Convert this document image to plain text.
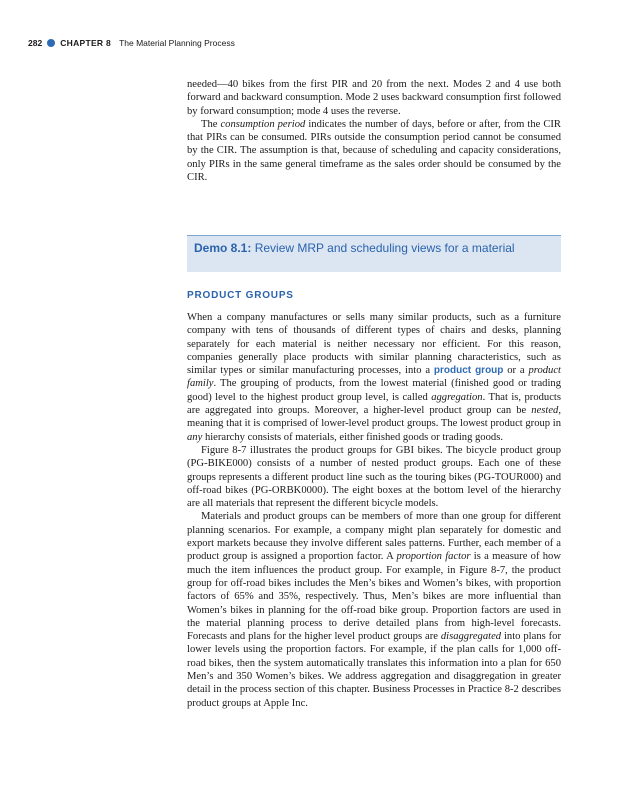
282 CHAPTER 8 The Material Planning Process

needed—40 bikes from the first PIR and 20 from the next. Modes 2 and 4 use both forward and backward consumption. Mode 2 uses backward consumption first followed by forward consumption; mode 4 uses the reverse.

The consumption period indicates the number of days, before or after, from the CIR that PIRs can be consumed. PIRs outside the consumption period cannot be consumed by the CIR. The assumption is that, because of scheduling and capacity considerations, only PIRs in the same general timeframe as the sales order should be consumed by the CIR.

Demo 8.1: Review MRP and scheduling views for a material
PRODUCT GROUPS

When a company manufactures or sells many similar products, such as a furniture company with tens of thousands of different types of chairs and desks, planning separately for each material is neither necessary nor efficient. For this reason, companies generally place products with similar planning characteristics, such as similar types or similar manufacturing processes, into a product group or a product family. The grouping of products, from the lowest material (finished good or trading good) level to the highest product group level, is called aggregation. That is, products are aggregated into groups. Moreover, a higher-level product group can be nested, meaning that it is comprised of lower-level product groups. The lowest product group in any hierarchy consists of materials, either finished goods or trading goods.

Figure 8-7 illustrates the product groups for GBI bikes. The bicycle product group (PG-BIKE000) consists of a number of nested product groups. Each one of these groups represents a different product line such as the touring bikes (PG-TOUR000) and off-road bikes (PG-ORBK0000). The eight boxes at the bottom level of the hierarchy are all materials that represent the different bicycle models.

Materials and product groups can be members of more than one group for different planning scenarios. For example, a company might plan separately for domestic and export markets because they involve different sales patterns. Further, each member of a product group is assigned a proportion factor. A proportion factor is a measure of how much the item influences the product group. For example, in Figure 8-7, the product group for off-road bikes includes the Men’s bikes and Women’s bikes, with proportion factors of 65% and 35%, respectively. Thus, Men’s bikes are more influential than Women’s bikes in planning for the off-road bike group. Proportion factors are used in the material planning process to derive detailed plans from high-level forecasts. Forecasts and plans for the higher level product groups are disaggregated into plans for lower levels using the proportion factors. For example, if the plan calls for 1,000 off-road bikes, then the system automatically translates this information into a plan for 650 Men’s and 350 Women’s bikes. We address aggregation and disaggregation in greater detail in the process section of this chapter. Business Processes in Practice 8-2 describes product groups at Apple Inc.
